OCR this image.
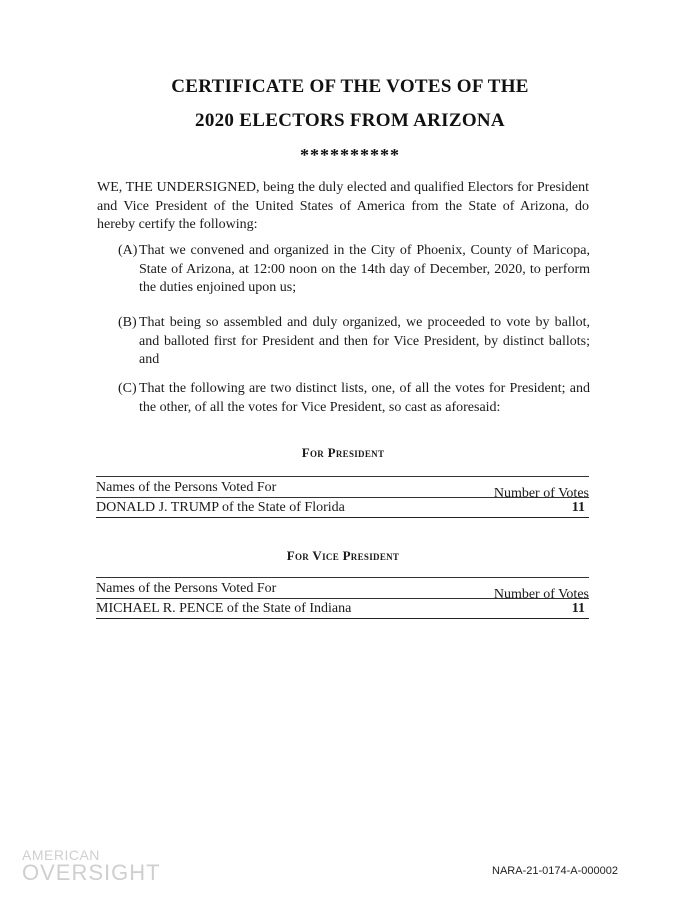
CERTIFICATE OF THE VOTES OF THE
2020 ELECTORS FROM ARIZONA
**********
WE, THE UNDERSIGNED, being the duly elected and qualified Electors for President and Vice President of the United States of America from the State of Arizona, do hereby certify the following:
(A) That we convened and organized in the City of Phoenix, County of Maricopa, State of Arizona, at 12:00 noon on the 14th day of December, 2020, to perform the duties enjoined upon us;
(B) That being so assembled and duly organized, we proceeded to vote by ballot, and balloted first for President and then for Vice President, by distinct ballots; and
(C) That the following are two distinct lists, one, of all the votes for President; and the other, of all the votes for Vice President, so cast as aforesaid:
For President
Names of the Persons Voted For	Number of Votes
DONALD J. TRUMP of the State of Florida	11
For Vice President
Names of the Persons Voted For	Number of Votes
MICHAEL R. PENCE of the State of Indiana	11
AMERICAN
OVERSIGHT	NARA-21-0174-A-000002
